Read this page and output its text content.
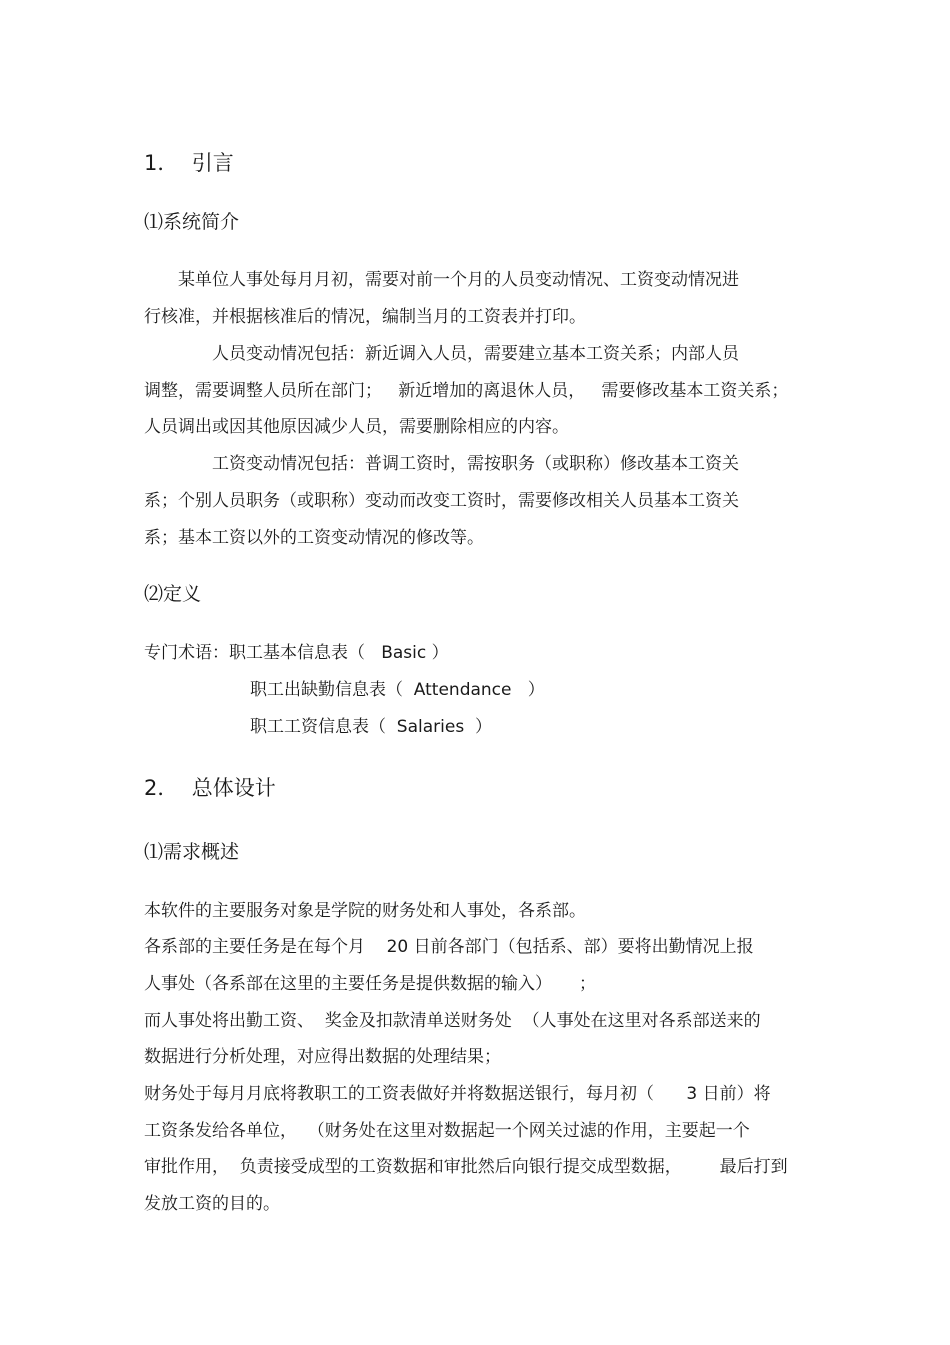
1．  引言
⑴系统简介
某单位人事处每月月初，需要对前一个月的人员变动情况、工资变动情况进
行核准，并根据核准后的情况，编制当月的工资表并打印。
人员变动情况包括：新近调入人员，需要建立基本工资关系；内部人员
调整，需要调整人员所在部门；   新近增加的离退休人员，   需要修改基本工资关系；
人员调出或因其他原因减少人员，需要删除相应的内容。
工资变动情况包括：普调工资时，需按职务（或职称）修改基本工资关
系；个别人员职务（或职称）变动而改变工资时，需要修改相关人员基本工资关
系；基本工资以外的工资变动情况的修改等。
⑵定义
专门术语：职工基本信息表（   Basic ）
职工出缺勤信息表（  Attendance   ）
职工工资信息表（  Salaries  ）
2．  总体设计
⑴需求概述
本软件的主要服务对象是学院的财务处和人事处，各系部。
各系部的主要任务是在每个月    20 日前各部门（包括系、部）要将出勤情况上报
人事处（各系部在这里的主要任务是提供数据的输入）     ；
而人事处将出勤工资、  奖金及扣款清单送财务处  （人事处在这里对各系部送来的
数据进行分析处理，对应得出数据的处理结果；
财务处于每月月底将教职工的工资表做好并将数据送银行，每月初（      3 日前）将
工资条发给各单位，  （财务处在这里对数据起一个网关过滤的作用，主要起一个
审批作用，  负责接受成型的工资数据和审批然后向银行提交成型数据，       最后打到
发放工资的目的。
